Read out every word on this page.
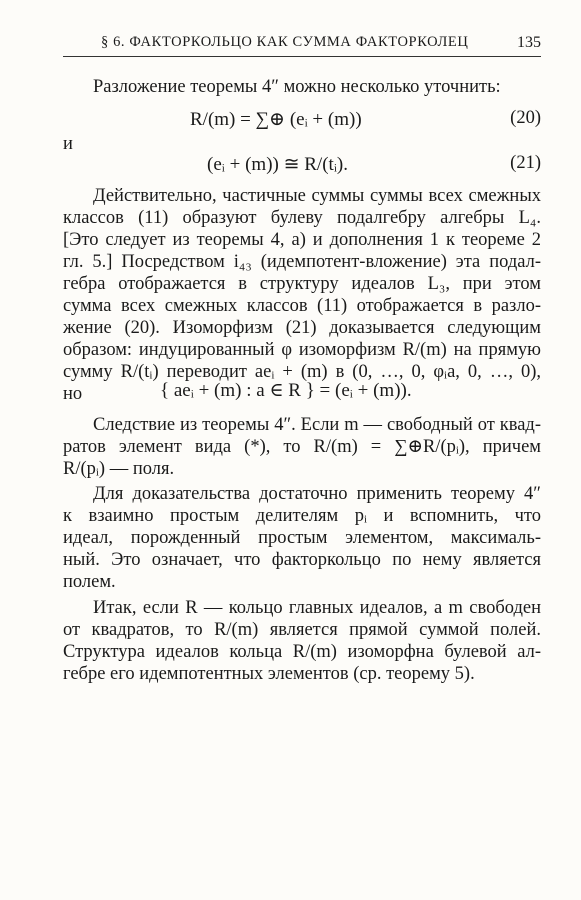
§ 6. ФАКТОРКОЛЬЦО КАК СУММА ФАКТОРКОЛЕЦ	135
Разложение теоремы 4″ можно несколько уточнить:
R/(m) = ∑⊕ (eᵢ + (m))	(20)
и
(eᵢ + (m)) ≅ R/(tᵢ).	(21)
Действительно, частичные суммы суммы всех смежных
классов (11) образуют булеву подалгебру алгебры L₄.
[Это следует из теоремы 4, а) и дополнения 1 к теореме 2
гл. 5.] Посредством i₄₃ (идемпотент-вложение) эта подал-
гебра отображается в структуру идеалов L₃, при этом
сумма всех смежных классов (11) отображается в разло-
жение (20). Изоморфизм (21) доказывается следующим
образом: индуцированный φ изоморфизм R/(m) на прямую
сумму R/(tᵢ) переводит aeᵢ + (m) в (0, …, 0, φᵢa, 0, …, 0),
но	{ aeᵢ + (m) : a ∈ R } = (eᵢ + (m)).
Следствие из теоремы 4″. Если m — свободный от квад-
ратов элемент вида (*), то R/(m) = ∑⊕R/(pᵢ), причем
R/(pᵢ) — поля.
Для доказательства достаточно применить теорему 4″
к взаимно простым делителям pᵢ и вспомнить, что
идеал, порожденный простым элементом, максималь-
ный. Это означает, что факторкольцо по нему является
полем.
Итак, если R — кольцо главных идеалов, а m свободен
от квадратов, то R/(m) является прямой суммой полей.
Структура идеалов кольца R/(m) изоморфна булевой ал-
гебре его идемпотентных элементов (ср. теорему 5).
